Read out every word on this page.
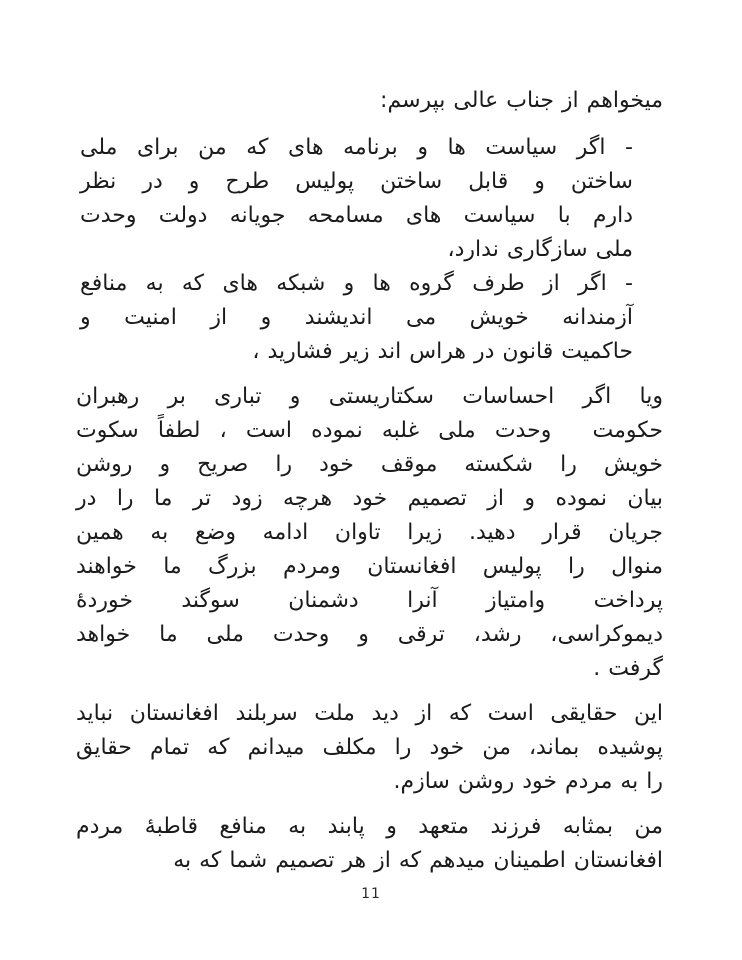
میخواهم از جناب عالی بپرسم:
- اگر سیاست ها و برنامه های که من برای ملی
ساختن و قابل ساختن پولیس طرح و در نظر
دارم با سیاست های مسامحه جویانه دولت وحدت
ملی سازگاری ندارد،
- اگر از طرف گروه ها و شبکه های که به منافع
آزمندانه خویش می اندیشند و از امنیت و
حاکمیت قانون در هراس اند زیر فشارید ،
ویا اگر احساسات سکتاریستی و تباری بر رهبران
حکومت  وحدت ملی غلبه نموده است ، لطفاً سکوت
خویش را شکسته موقف خود را صریح و روشن
بیان نموده و از تصمیم خود هرچه زود تر ما را در
جریان قرار دهید. زیرا تاوان ادامه وضع به همین
منوال را پولیس افغانستان ومردم بزرگ ما خواهند
پرداخت وامتیاز آنرا دشمنان سوگند خوردهٔ
دیموکراسی، رشد، ترقی و وحدت ملی ما خواهد
گرفت .
این حقایقی است که از دید ملت سربلند افغانستان نباید
پوشیده بماند، من خود را مکلف میدانم که تمام حقایق
را به مردم خود روشن سازم.
من بمثابه فرزند متعهد و پابند به منافع قاطبهٔ مردم
افغانستان اطمینان میدهم که از هر تصمیم شما که به
11
